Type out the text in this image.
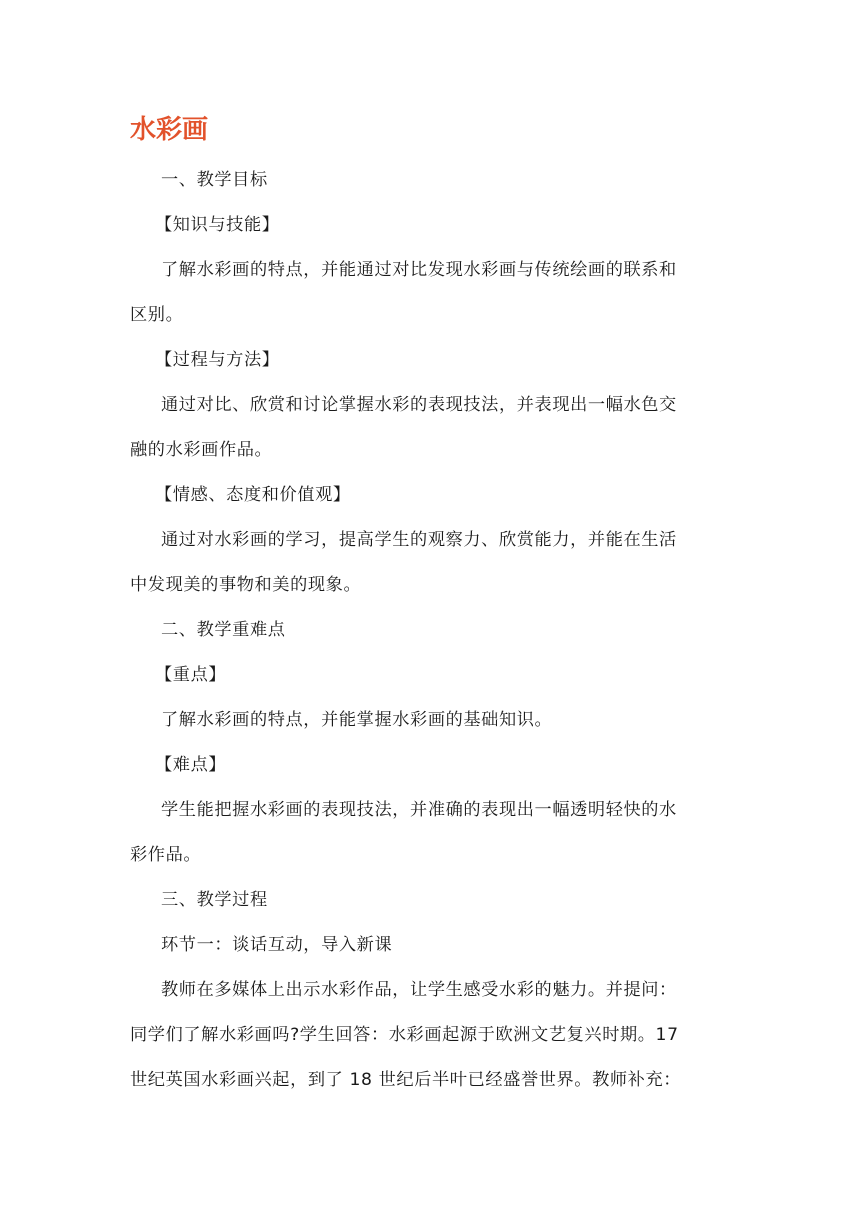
水彩画

一、教学目标

【知识与技能】

了解水彩画的特点，并能通过对比发现水彩画与传统绘画的联系和
区别。

【过程与方法】

通过对比、欣赏和讨论掌握水彩的表现技法，并表现出一幅水色交
融的水彩画作品。

【情感、态度和价值观】

通过对水彩画的学习，提高学生的观察力、欣赏能力，并能在生活
中发现美的事物和美的现象。

二、教学重难点

【重点】

了解水彩画的特点，并能掌握水彩画的基础知识。

【难点】

学生能把握水彩画的表现技法，并准确的表现出一幅透明轻快的水
彩作品。

三、教学过程

环节一：谈话互动，导入新课

教师在多媒体上出示水彩作品，让学生感受水彩的魅力。并提问：
同学们了解水彩画吗?学生回答：水彩画起源于欧洲文艺复兴时期。17
世纪英国水彩画兴起，到了 18 世纪后半叶已经盛誉世界。教师补充：
